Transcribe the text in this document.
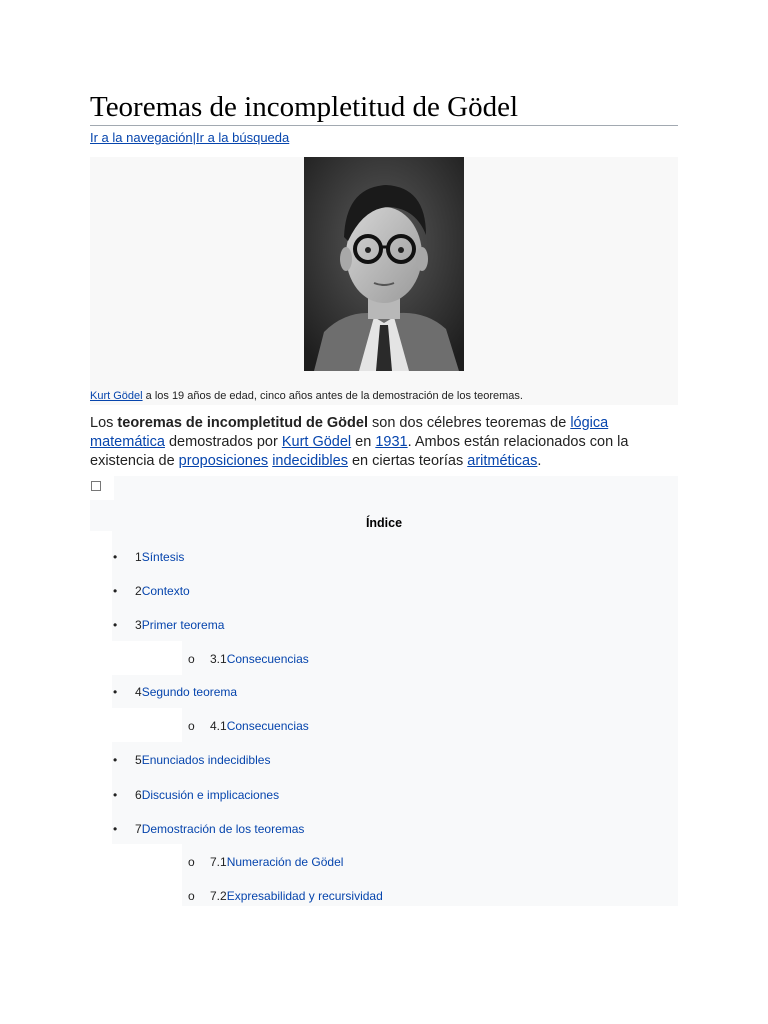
Teoremas de incompletitud de Gödel
Ir a la navegación|Ir a la búsqueda
Kurt Gödel a los 19 años de edad, cinco años antes de la demostración de los teoremas.
Los teoremas de incompletitud de Gödel son dos célebres teoremas de lógica matemática demostrados por Kurt Gödel en 1931. Ambos están relacionados con la existencia de proposiciones indecidibles en ciertas teorías aritméticas.
Índice
• 1Síntesis
• 2Contexto
• 3Primer teorema
o 3.1Consecuencias
• 4Segundo teorema
o 4.1Consecuencias
• 5Enunciados indecidibles
• 6Discusión e implicaciones
• 7Demostración de los teoremas
o 7.1Numeración de Gödel
o 7.2Expresabilidad y recursividad
